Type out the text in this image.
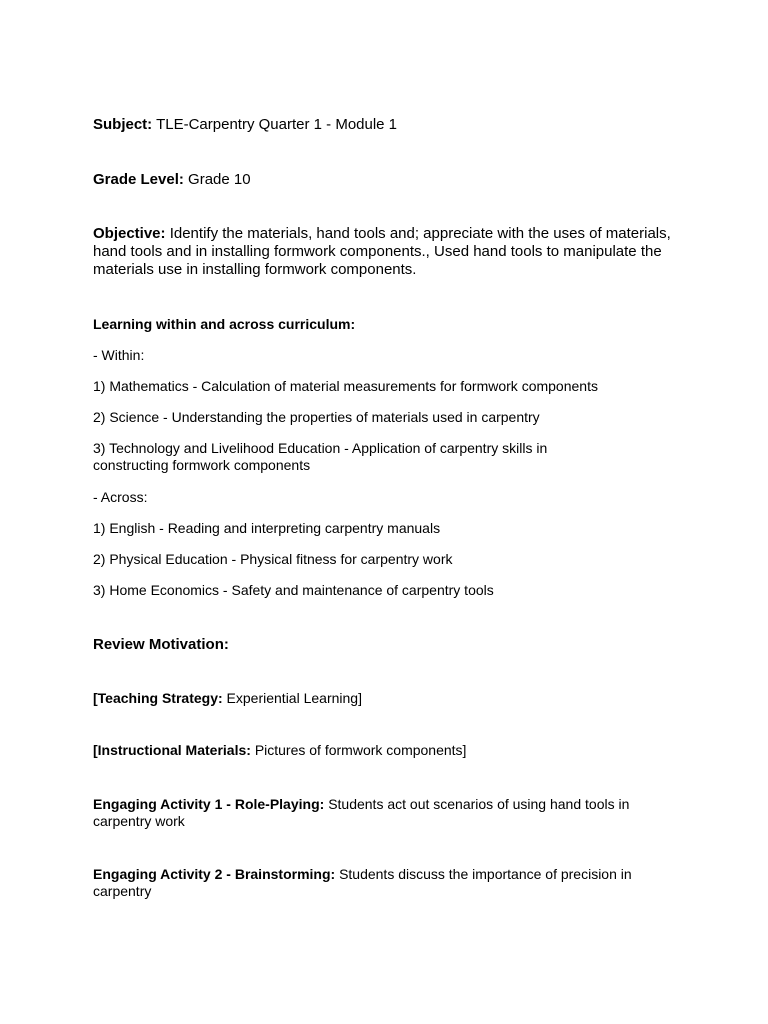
Subject: TLE-Carpentry Quarter 1 - Module 1

Grade Level: Grade 10

Objective: Identify the materials, hand tools and; appreciate with the uses of materials, hand tools and in installing formwork components., Used hand tools to manipulate the materials use in installing formwork components.

Learning within and across curriculum:

- Within:

1) Mathematics - Calculation of material measurements for formwork components

2) Science - Understanding the properties of materials used in carpentry

3) Technology and Livelihood Education - Application of carpentry skills in constructing formwork components

- Across:

1) English - Reading and interpreting carpentry manuals

2) Physical Education - Physical fitness for carpentry work

3) Home Economics - Safety and maintenance of carpentry tools

Review Motivation:

[Teaching Strategy: Experiential Learning]

[Instructional Materials: Pictures of formwork components]

Engaging Activity 1 - Role-Playing: Students act out scenarios of using hand tools in carpentry work

Engaging Activity 2 - Brainstorming: Students discuss the importance of precision in carpentry
